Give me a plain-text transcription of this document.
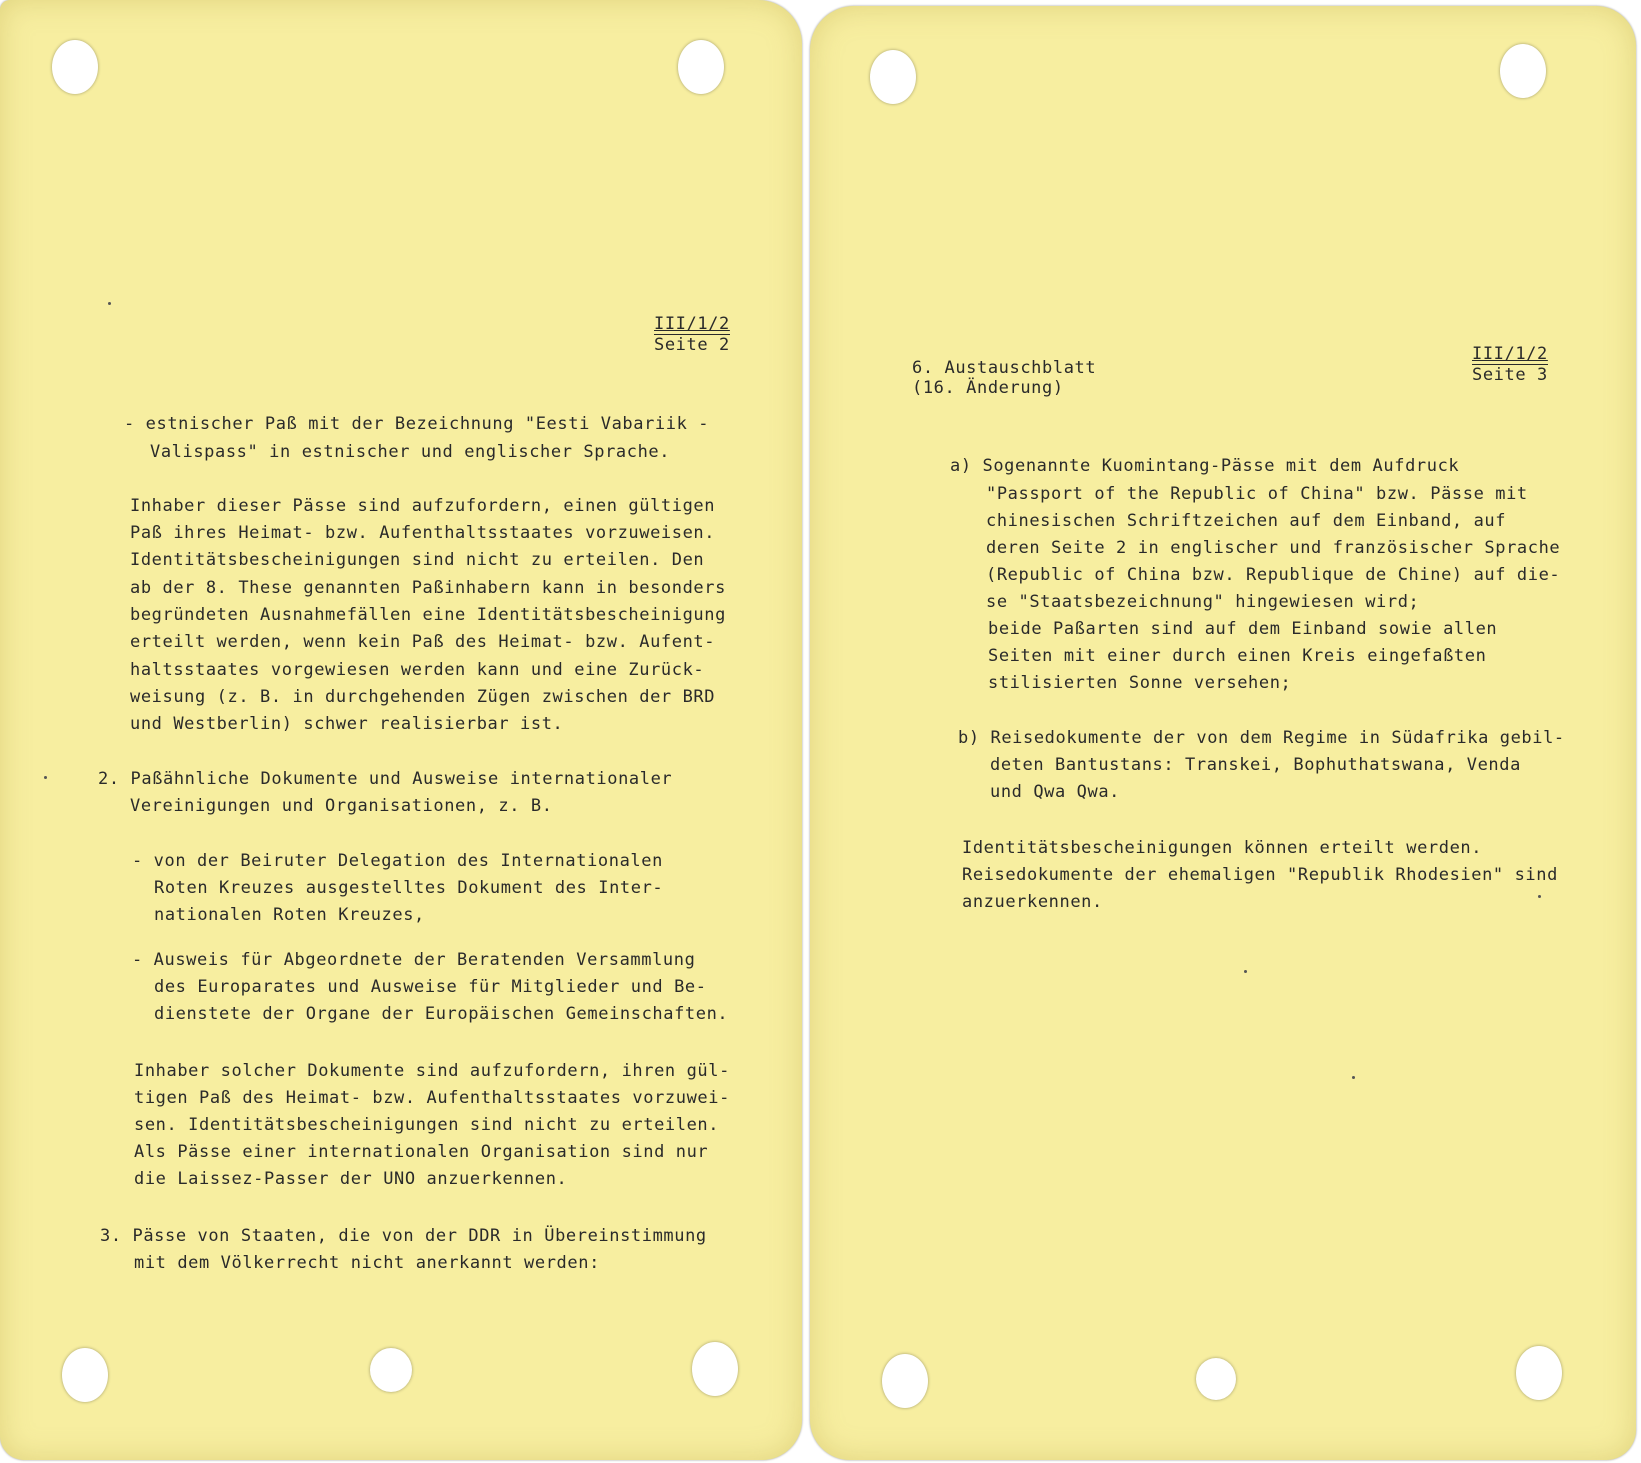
III/1/2
Seite 2

- estnischer Paß mit der Bezeichnung "Eesti Vabariik -

Valispass" in estnischer und englischer Sprache.

Inhaber dieser Pässe sind aufzufordern, einen gültigen

Paß ihres Heimat- bzw. Aufenthaltsstaates vorzuweisen.

Identitätsbescheinigungen sind nicht zu erteilen. Den

ab der 8. These genannten Paßinhabern kann in besonders

begründeten Ausnahmefällen eine Identitätsbescheinigung

erteilt werden, wenn kein Paß des Heimat- bzw. Aufent-

haltsstaates vorgewiesen werden kann und eine Zurück-

weisung (z. B. in durchgehenden Zügen zwischen der BRD

und Westberlin) schwer realisierbar ist.

2. Paßähnliche Dokumente und Ausweise internationaler

Vereinigungen und Organisationen, z. B.

- von der Beiruter Delegation des Internationalen

Roten Kreuzes ausgestelltes Dokument des Inter-

nationalen Roten Kreuzes,

- Ausweis für Abgeordnete der Beratenden Versammlung

des Europarates und Ausweise für Mitglieder und Be-

dienstete der Organe der Europäischen Gemeinschaften.

Inhaber solcher Dokumente sind aufzufordern, ihren gül-

tigen Paß des Heimat- bzw. Aufenthaltsstaates vorzuwei-

sen. Identitätsbescheinigungen sind nicht zu erteilen.

Als Pässe einer internationalen Organisation sind nur

die Laissez-Passer der UNO anzuerkennen.

3. Pässe von Staaten, die von der DDR in Übereinstimmung

mit dem Völkerrecht nicht anerkannt werden:

III/1/2
Seite 3

6. Austauschblatt

(16. Änderung)

a) Sogenannte Kuomintang-Pässe mit dem Aufdruck

"Passport of the Republic of China" bzw. Pässe mit

chinesischen Schriftzeichen auf dem Einband, auf

deren Seite 2 in englischer und französischer Sprache

(Republic of China bzw. Republique de Chine) auf die-

se "Staatsbezeichnung" hingewiesen wird;

beide Paßarten sind auf dem Einband sowie allen

Seiten mit einer durch einen Kreis eingefaßten

stilisierten Sonne versehen;

b) Reisedokumente der von dem Regime in Südafrika gebil-

deten Bantustans: Transkei, Bophuthatswana, Venda

und Qwa Qwa.

Identitätsbescheinigungen können erteilt werden.

Reisedokumente der ehemaligen "Republik Rhodesien" sind

anzuerkennen.
